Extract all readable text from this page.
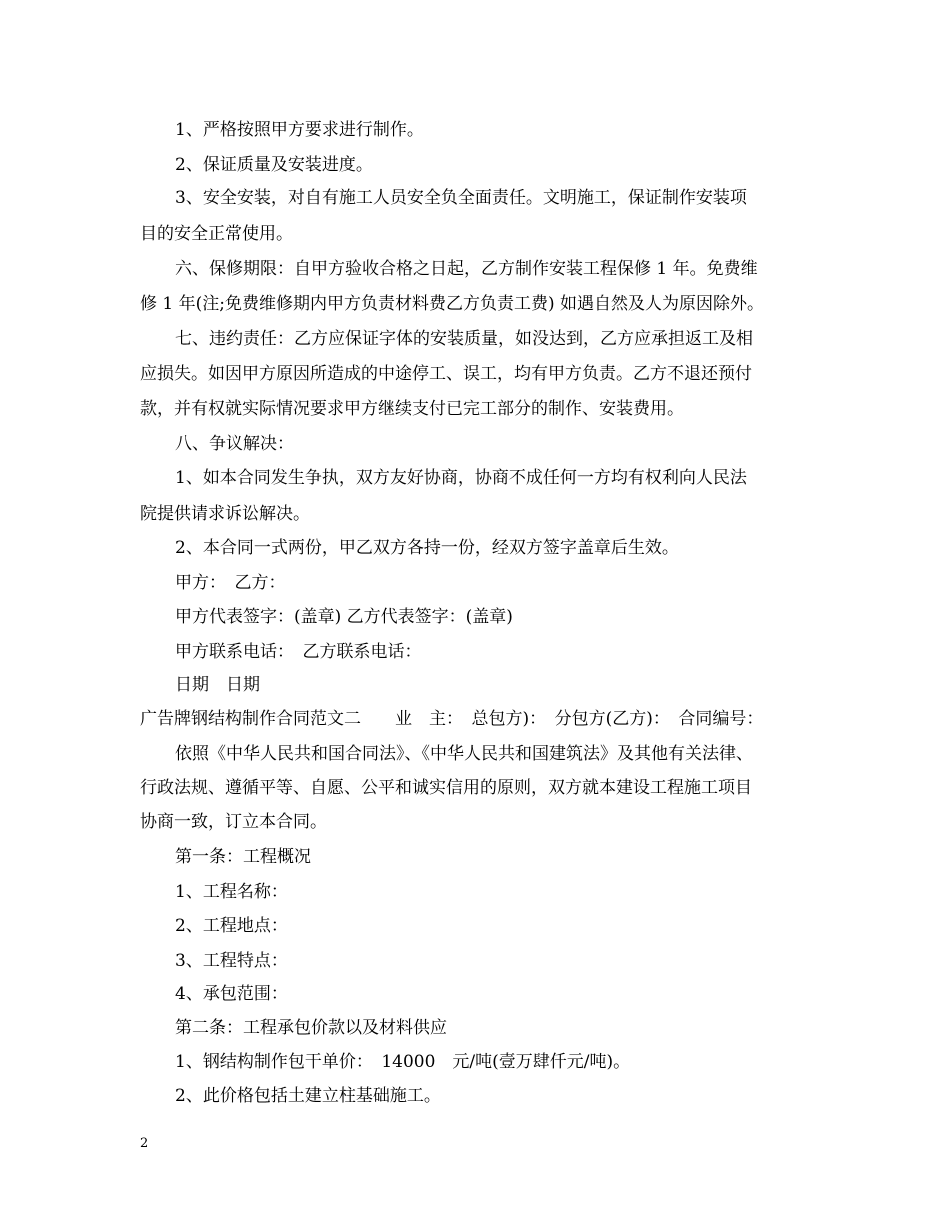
1、严格按照甲方要求进行制作。
2、保证质量及安装进度。
3、安全安装，对自有施工人员安全负全面责任。文明施工，保证制作安装项
目的安全正常使用。
六、保修期限：自甲方验收合格之日起，乙方制作安装工程保修 1 年。免费维
修 1 年(注;免费维修期内甲方负责材料费乙方负责工费) 如遇自然及人为原因除外。
七、违约责任：乙方应保证字体的安装质量，如没达到，乙方应承担返工及相
应损失。如因甲方原因所造成的中途停工、误工，均有甲方负责。乙方不退还预付
款，并有权就实际情况要求甲方继续支付已完工部分的制作、安装费用。
八、争议解决：
1、如本合同发生争执，双方友好协商，协商不成任何一方均有权利向人民法
院提供请求诉讼解决。
2、本合同一式两份，甲乙双方各持一份，经双方签字盖章后生效。
甲方：　乙方：
甲方代表签字：(盖章) 乙方代表签字：(盖章)
甲方联系电话：　乙方联系电话：
日期　日期
广告牌钢结构制作合同范文二　　业　主：　总包方)：　分包方(乙方)：　合同编号：
依照《中华人民共和国合同法》、《中华人民共和国建筑法》及其他有关法律、
行政法规、遵循平等、自愿、公平和诚实信用的原则，双方就本建设工程施工项目
协商一致，订立本合同。
第一条：工程概况
1、工程名称：
2、工程地点：
3、工程特点：
4、承包范围：
第二条：工程承包价款以及材料供应
1、钢结构制作包干单价：　14000　元/吨(壹万肆仟元/吨)。
2、此价格包括土建立柱基础施工。
2
